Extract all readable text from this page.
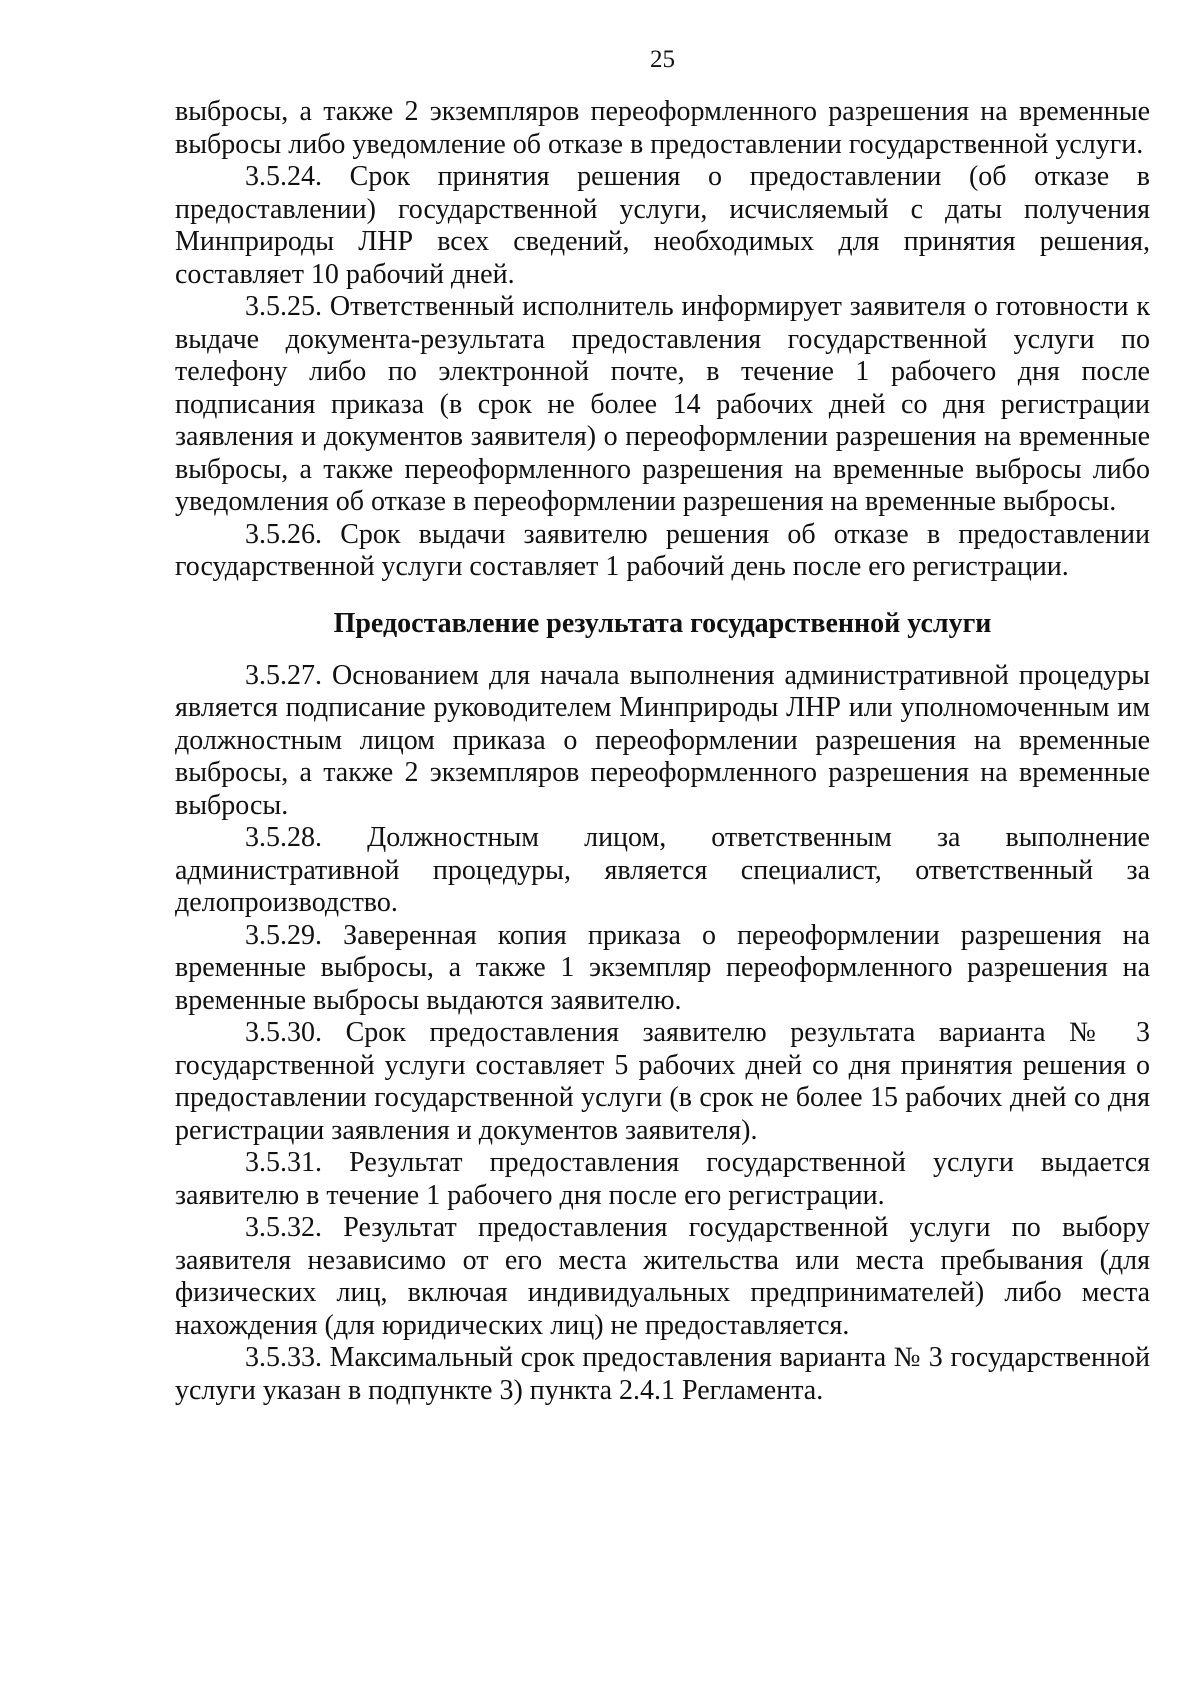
25

выбросы, а также 2 экземпляров переоформленного разрешения на временные выбросы либо уведомление об отказе в предоставлении государственной услуги.

3.5.24. Срок принятия решения о предоставлении (об отказе в предоставлении) государственной услуги, исчисляемый с даты получения Минприроды ЛНР всех сведений, необходимых для принятия решения, составляет 10 рабочий дней.

3.5.25. Ответственный исполнитель информирует заявителя о готовности к выдаче документа-результата предоставления государственной услуги по телефону либо по электронной почте, в течение 1 рабочего дня после подписания приказа (в срок не более 14 рабочих дней со дня регистрации заявления и документов заявителя) о переоформлении разрешения на временные выбросы, а также переоформленного разрешения на временные выбросы либо уведомления об отказе в переоформлении разрешения на временные выбросы.

3.5.26. Срок выдачи заявителю решения об отказе в предоставлении государственной услуги составляет 1 рабочий день после его регистрации.

Предоставление результата государственной услуги

3.5.27. Основанием для начала выполнения административной процедуры является подписание руководителем Минприроды ЛНР или уполномоченным им должностным лицом приказа о переоформлении разрешения на временные выбросы, а также 2 экземпляров переоформленного разрешения на временные выбросы.

3.5.28. Должностным лицом, ответственным за выполнение административной процедуры, является специалист, ответственный за делопроизводство.

3.5.29. Заверенная копия приказа о переоформлении разрешения на временные выбросы, а также 1 экземпляр переоформленного разрешения на временные выбросы выдаются заявителю.

3.5.30. Срок предоставления заявителю результата варианта № 3 государственной услуги составляет 5 рабочих дней со дня принятия решения о предоставлении государственной услуги (в срок не более 15 рабочих дней со дня регистрации заявления и документов заявителя).

3.5.31. Результат предоставления государственной услуги выдается заявителю в течение 1 рабочего дня после его регистрации.

3.5.32. Результат предоставления государственной услуги по выбору заявителя независимо от его места жительства или места пребывания (для физических лиц, включая индивидуальных предпринимателей) либо места нахождения (для юридических лиц) не предоставляется.

3.5.33. Максимальный срок предоставления варианта № 3 государственной услуги указан в подпункте 3) пункта 2.4.1 Регламента.
